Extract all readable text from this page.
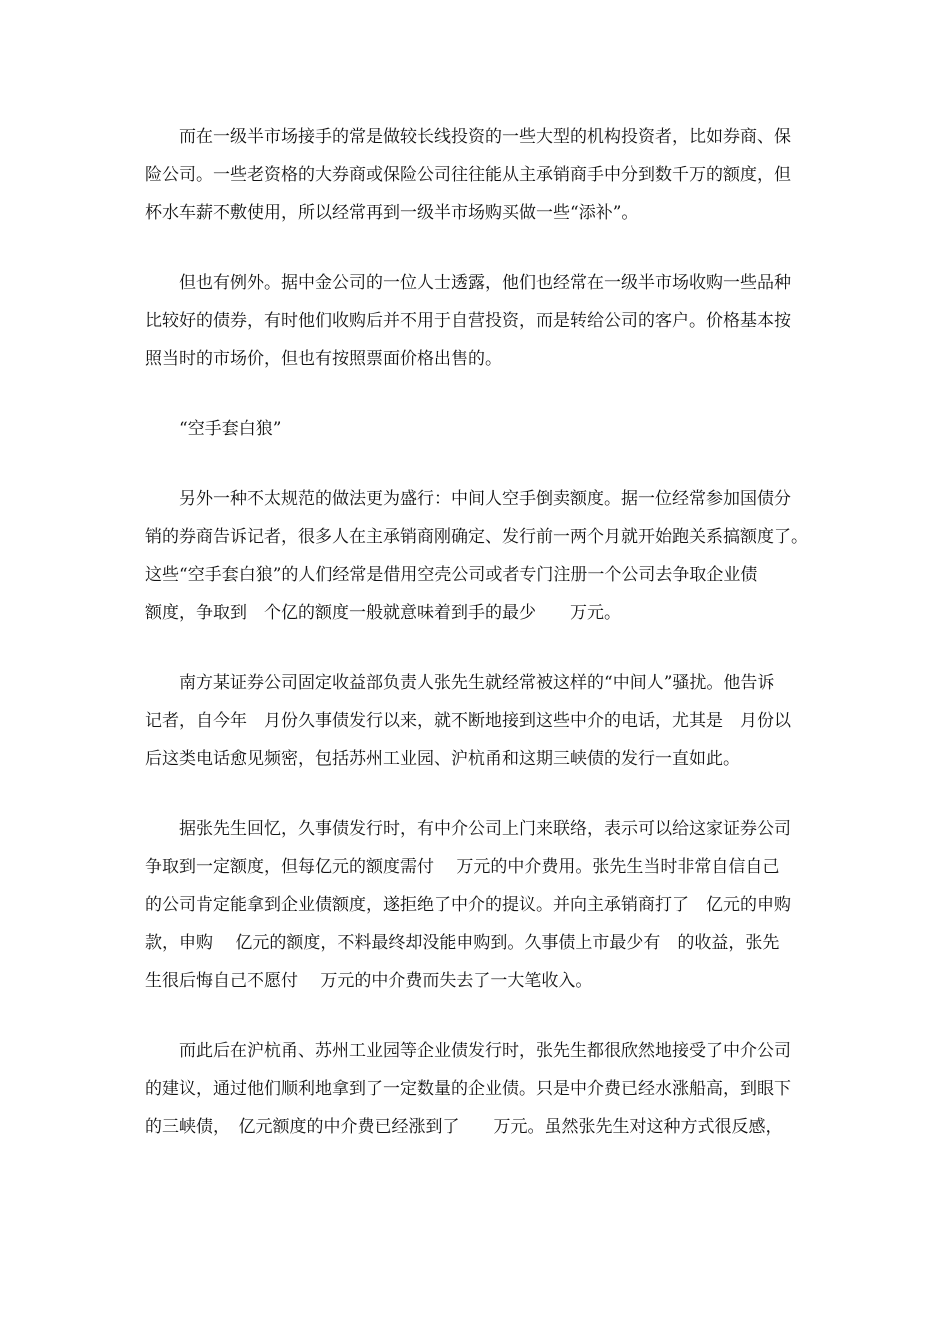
而在一级半市场接手的常是做较长线投资的一些大型的机构投资者，比如券商、保
险公司。一些老资格的大券商或保险公司往往能从主承销商手中分到数千万的额度，但
杯水车薪不敷使用，所以经常再到一级半市场购买做一些“添补”。

但也有例外。据中金公司的一位人士透露，他们也经常在一级半市场收购一些品种
比较好的债券，有时他们收购后并不用于自营投资，而是转给公司的客户。价格基本按
照当时的市场价，但也有按照票面价格出售的。

“空手套白狼”

另外一种不太规范的做法更为盛行：中间人空手倒卖额度。据一位经常参加国债分
销的券商告诉记者，很多人在主承销商刚确定、发行前一两个月就开始跑关系搞额度了。
这些“空手套白狼”的人们经常是借用空壳公司或者专门注册一个公司去争取企业债
额度，争取到　个亿的额度一般就意味着到手的最少　　万元。

南方某证券公司固定收益部负责人张先生就经常被这样的“中间人”骚扰。他告诉
记者，自今年　月份久事债发行以来，就不断地接到这些中介的电话，尤其是　月份以
后这类电话愈见频密，包括苏州工业园、沪杭甬和这期三峡债的发行一直如此。

据张先生回忆，久事债发行时，有中介公司上门来联络，表示可以给这家证券公司
争取到一定额度，但每亿元的额度需付　 万元的中介费用。张先生当时非常自信自己
的公司肯定能拿到企业债额度，遂拒绝了中介的提议。并向主承销商打了　亿元的申购
款，申购　 亿元的额度，不料最终却没能申购到。久事债上市最少有　的收益，张先
生很后悔自己不愿付　 万元的中介费而失去了一大笔收入。

而此后在沪杭甬、苏州工业园等企业债发行时，张先生都很欣然地接受了中介公司
的建议，通过他们顺利地拿到了一定数量的企业债。只是中介费已经水涨船高，到眼下
的三峡债，　亿元额度的中介费已经涨到了　　万元。虽然张先生对这种方式很反感，
